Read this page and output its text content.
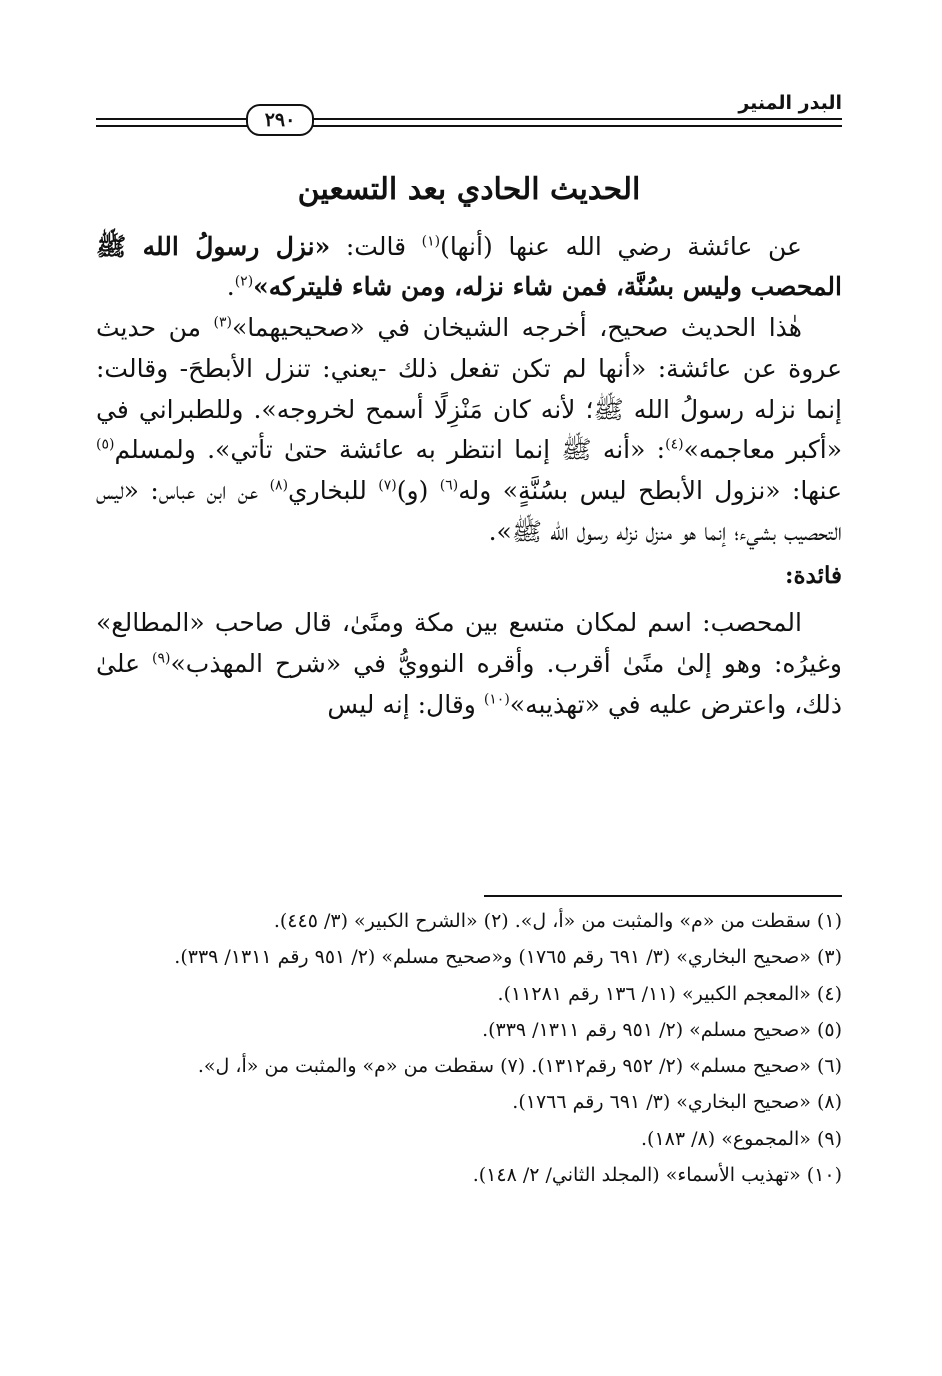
البدر المنير
٢٩٠
الحديث الحادي بعد التسعين

عن عائشة رضي الله عنها (أنها)$^{(١)}$ قالت: «نزل رسولُ الله ﷺ المحصب وليس بسُنَّة، فمن شاء نزله، ومن شاء فليتركه»$^{(٢)}$.

هٰذا الحديث صحيح، أخرجه الشيخان في «صحيحيهما»$^{(٣)}$ من حديث عروة عن عائشة: «أنها لم تكن تفعل ذلك -يعني: تنزل الأبطحَ- وقالت: إنما نزله رسولُ الله ﷺ؛ لأنه كان مَنْزِلًا أسمح لخروجه». وللطبراني في «أكبر معاجمه»$^{(٤)}$: «أنه ﷺ إنما انتظر به عائشة حتىٰ تأتي». ولمسلم$^{(٥)}$ عنها: «نزول الأبطح ليس بسُنَّةٍ» وله$^{(٦)}$ (و)$^{(٧)}$ للبخاري$^{(٨)}$ عن ابن عباس: «ليس التحصيب بشيء؛ إنما هو منزل نزله رسول الله ﷺ».

فائدة:

المحصب: اسم لمكان متسع بين مكة ومنًىٰ، قال صاحب «المطالع» وغيرُه: وهو إلىٰ منًىٰ أقرب. وأقره النوويُّ في «شرح المهذب»$^{(٩)}$ علىٰ ذلك، واعترض عليه في «تهذيبه»$^{(١٠)}$ وقال: إنه ليس

(١) سقطت من «م» والمثبت من «أ، ل». (٢) «الشرح الكبير» (٣/ ٤٤٥).
(٣) «صحيح البخاري» (٣/ ٦٩١ رقم ١٧٦٥) و«صحيح مسلم» (٢/ ٩٥١ رقم ١٣١١/ ٣٣٩).
(٤) «المعجم الكبير» (١١/ ١٣٦ رقم ١١٢٨١).
(٥) «صحيح مسلم» (٢/ ٩٥١ رقم ١٣١١/ ٣٣٩).
(٦) «صحيح مسلم» (٢/ ٩٥٢ رقم١٣١٢). (٧) سقطت من «م» والمثبت من «أ، ل».
(٨) «صحيح البخاري» (٣/ ٦٩١ رقم ١٧٦٦).
(٩) «المجموع» (٨/ ١٨٣).
(١٠) «تهذيب الأسماء» (المجلد الثاني/ ٢/ ١٤٨).
